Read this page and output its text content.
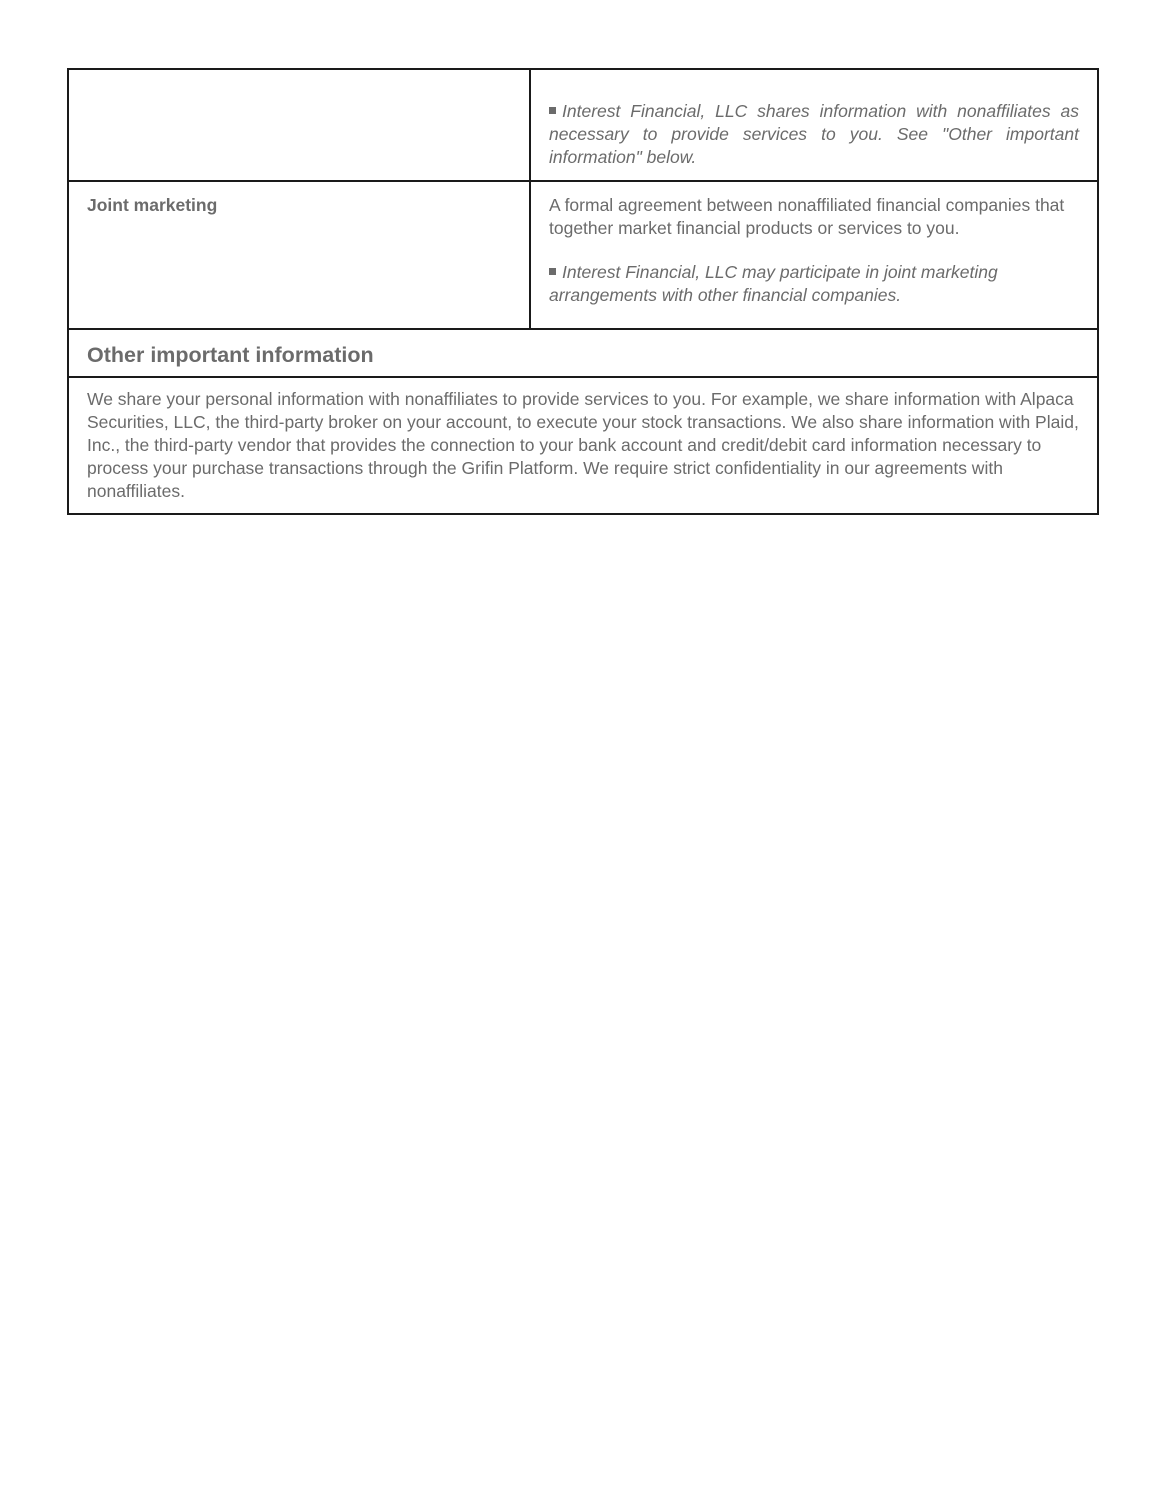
Interest Financial, LLC shares information with nonaffiliates as necessary to provide services to you. See "Other important information" below.

Joint marketing	A formal agreement between nonaffiliated financial companies that together market financial products or services to you.

Interest Financial, LLC may participate in joint marketing arrangements with other financial companies.

Other important information

We share your personal information with nonaffiliates to provide services to you. For example, we share information with Alpaca Securities, LLC, the third-party broker on your account, to execute your stock transactions. We also share information with Plaid, Inc., the third-party vendor that provides the connection to your bank account and credit/debit card information necessary to process your purchase transactions through the Grifin Platform. We require strict confidentiality in our agreements with nonaffiliates.
